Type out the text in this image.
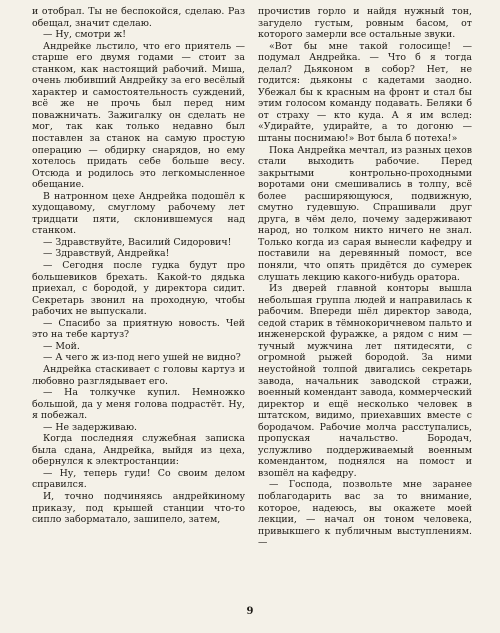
и отобрал. Ты не беспокойся, сделаю. Раз обещал, значит сделаю.

— Ну, смотри ж!

Андрейке льстило, что его приятель — старше его двумя годами — стоит за станком, как настоящий рабочий. Миша, очень любивший Андрейку за его весёлый характер и самостоятельность суждений, всё же не прочь был перед ним поважничать. Зажигалку он сделать не мог, так как только недавно был поставлен за станок на самую простую операцию — обдирку снарядов, но ему хотелось придать себе больше весу. Отсюда и родилось это легкомысленное обещание.

В натронном цехе Андрейка подошёл к худощавому, смуглому рабочему лет тридцати пяти, склонившемуся над станком.

— Здравствуйте, Василий Сидорович!

— Здравствуй, Андрейка!

— Сегодня после гудка будут про большевиков брехать. Какой-то дядька приехал, с бородой, у директора сидит. Секретарь звонил на проходную, чтобы рабочих не выпускали.

— Спасибо за приятную новость. Чей это на тебе картуз?

— Мой.

— А чего ж из-под него ушей не видно?

Андрейка стаскивает с головы картуз и любовно разглядывает его.

— На толкучке купил. Немножко большой, да у меня голова подрастёт. Ну, я побежал.

— Не задерживаю.

Когда последняя служебная записка была сдана, Андрейка, выйдя из цеха, обернулся к электростанции:

— Ну, теперь гуди! Со своим делом справился.

И, точно подчиняясь андрейкиному приказу, под крышей станции что-то сипло заборматало, зашипело, затем,

прочистив горло и найдя нужный тон, загудело густым, ровным басом, от которого замерли все остальные звуки.

«Вот бы мне такой голосище! — подумал Андрейка. — Что б я тогда делал? Дьяконом в собор? Нет, не годится: дьяконы с кадетами заодно. Убежал бы к красным на фронт и стал бы этим голосом команду подавать. Беляки б от страху — кто куда. А я им вслед: «Удирайте, удирайте, а то догоню — штаны поснимаю!» Вот была б потеха!»

Пока Андрейка мечтал, из разных цехов стали выходить рабочие. Перед закрытыми контрольно-проходными воротами они смешивались в толпу, всё более расширяющуюся, подвижную, смутно гудевшую. Спрашивали друг друга, в чём дело, почему задерживают народ, но толком никто ничего не знал. Только когда из сарая вынесли кафедру и поставили на деревянный помост, все поняли, что опять придётся до сумерек слушать лекцию какого-нибудь оратора.

Из дверей главной конторы вышла небольшая группа людей и направилась к рабочим. Впереди шёл директор завода, седой старик в тёмнокоричневом пальто и инженерской фуражке, а рядом с ним — тучный мужчина лет пятидесяти, с огромной рыжей бородой. За ними неустойной толпой двигались секретарь завода, начальник заводской стражи, военный комендант завода, коммерческий директор и ещё несколько человек в штатском, видимо, приехавших вместе с бородачом. Рабочие молча расступались, пропуская начальство. Бородач, услужливо поддерживаемый военным комендантом, поднялся на помост и взошёл на кафедру.

— Господа, позвольте мне заранее поблагодарить вас за то внимание, которое, надеюсь, вы окажете моей лекции, — начал он тоном человека, привыкшего к публичным выступлениям. —

9
